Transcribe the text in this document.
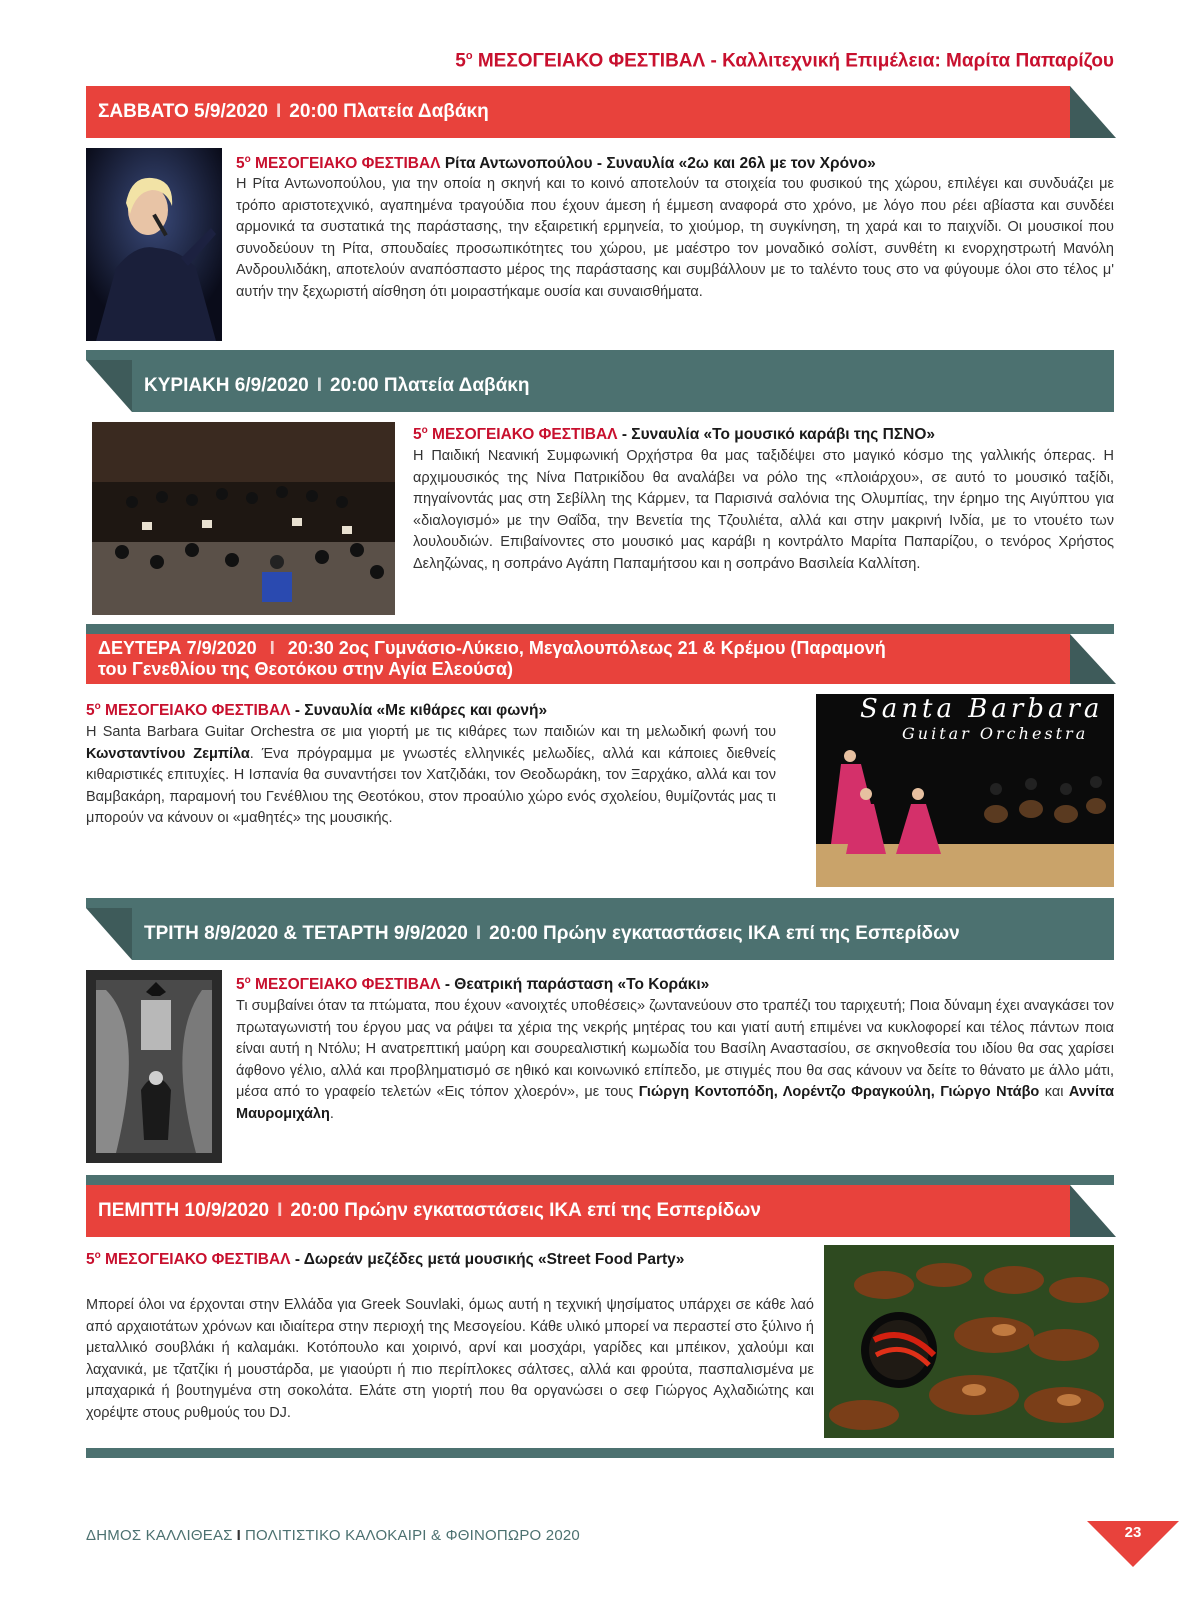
$5^o$ ΜΕΣΟΓΕΙΑΚΟ ΦΕΣΤΙΒΑΛ - Καλλιτεχνική Επιμέλεια: Μαρίτα Παπαρίζου
ΣΑΒΒΑΤΟ 5/9/2020 I 20:00 Πλατεία Δαβάκη
$5^o$ ΜΕΣΟΓΕΙΑΚΟ ΦΕΣΤΙΒΑΛ Ρίτα Αντωνοπούλου - Συναυλία «2ω και 26λ με τον Χρόνο»
Η Ρίτα Αντωνοπούλου, για την οποία η σκηνή και το κοινό αποτελούν τα στοιχεία του φυσικού της χώρου, επιλέγει και συνδυάζει με τρόπο αριστοτεχνικό, αγαπημένα τραγούδια που έχουν άμεση ή έμμεση αναφορά στο χρόνο, με λόγο που ρέει αβίαστα και συνδέει αρμονικά τα συστατικά της παράστασης, την εξαιρετική ερμηνεία, το χιούμορ, τη συγκίνηση, τη χαρά και το παιχνίδι. Οι μουσικοί που συνοδεύουν τη Ρίτα, σπουδαίες προσωπικότητες του χώρου, με μαέστρο τον μοναδικό σολίστ, συνθέτη κι ενορχηστρωτή Μανόλη Ανδρουλιδάκη, αποτελούν αναπόσπαστο μέρος της παράστασης και συμβάλλουν με το ταλέντο τους στο να φύγουμε όλοι στο τέλος μ' αυτήν την ξεχωριστή αίσθηση ότι μοιραστήκαμε ουσία και συναισθήματα.
ΚΥΡΙΑΚΗ 6/9/2020 I 20:00 Πλατεία Δαβάκη
$5^o$ ΜΕΣΟΓΕΙΑΚΟ ΦΕΣΤΙΒΑΛ - Συναυλία «Το μουσικό καράβι της ΠΣΝΟ»
Η Παιδική Νεανική Συμφωνική Ορχήστρα θα μας ταξιδέψει στο μαγικό κόσμο της γαλλικής όπερας. Η αρχιμουσικός της Νίνα Πατρικίδου θα αναλάβει να ρόλο της «πλοιάρχου», σε αυτό το μουσικό ταξίδι, πηγαίνοντάς μας στη Σεβίλλη της Κάρμεν, τα Παρισινά σαλόνια της Ολυμπίας, την έρημο της Αιγύπτου για «διαλογισμό» με την Θαΐδα, την Βενετία της Τζουλιέτα, αλλά και στην μακρινή Ινδία, με το ντουέτο των λουλουδιών. Επιβαίνοντες στο μουσικό μας καράβι η κοντράλτο Μαρίτα Παπαρίζου, ο τενόρος Χρήστος Δεληζώνας, η σοπράνο Αγάπη Παπαμήτσου και η σοπράνο Βασιλεία Καλλίτση.
ΔΕΥΤΕΡΑ 7/9/2020 I 20:30 2ος Γυμνάσιο-Λύκειο, Μεγαλουπόλεως 21 & Κρέμου (Παραμονή
του Γενεθλίου της Θεοτόκου στην Αγία Ελεούσα)
$5^o$ ΜΕΣΟΓΕΙΑΚΟ ΦΕΣΤΙΒΑΛ - Συναυλία «Με κιθάρες και φωνή»
Η Santa Barbara Guitar Orchestra σε μια γιορτή με τις κιθάρες των παιδιών και τη μελωδική φωνή του Κωνσταντίνου Ζεμπίλα. Ένα πρόγραμμα με γνωστές ελληνικές μελωδίες, αλλά και κάποιες διεθνείς κιθαριστικές επιτυχίες. Η Ισπανία θα συναντήσει τον Χατζιδάκι, τον Θεοδωράκη, τον Ξαρχάκο, αλλά και τον Βαμβακάρη, παραμονή του Γενέθλιου της Θεοτόκου, στον προαύλιο χώρο ενός σχολείου, θυμίζοντάς μας τι μπορούν να κάνουν οι «μαθητές» της μουσικής.
Santa Barbara
Guitar Orchestra
ΤΡΙΤΗ 8/9/2020 & ΤΕΤΑΡΤΗ 9/9/2020 I 20:00 Πρώην εγκαταστάσεις ΙΚΑ επί της Εσπερίδων
$5^o$ ΜΕΣΟΓΕΙΑΚΟ ΦΕΣΤΙΒΑΛ - Θεατρική παράσταση «Το Κοράκι»
Τι συμβαίνει όταν τα πτώματα, που έχουν «ανοιχτές υποθέσεις» ζωντανεύουν στο τραπέζι του ταριχευτή; Ποια δύναμη έχει αναγκάσει τον πρωταγωνιστή του έργου μας να ράψει τα χέρια της νεκρής μητέρας του και γιατί αυτή επιμένει να κυκλοφορεί και τέλος πάντων ποια είναι αυτή η Ντόλυ; Η ανατρεπτική μαύρη και σουρεαλιστική κωμωδία του Βασίλη Αναστασίου, σε σκηνοθεσία του ιδίου θα σας χαρίσει άφθονο γέλιο, αλλά και προβληματισμό σε ηθικό και κοινωνικό επίπεδο, με στιγμές που θα σας κάνουν να δείτε το θάνατο με άλλο μάτι, μέσα από το γραφείο τελετών «Εις τόπον χλοερόν», με τους Γιώργη Κοντοπόδη, Λορέντζο Φραγκούλη, Γιώργο Ντάβο και Αννίτα Μαυρομιχάλη.
ΠΕΜΠΤΗ 10/9/2020 I 20:00 Πρώην εγκαταστάσεις ΙΚΑ επί της Εσπερίδων
$5^o$ ΜΕΣΟΓΕΙΑΚΟ ΦΕΣΤΙΒΑΛ - Δωρεάν μεζέδες μετά μουσικής «Street Food Party»
Μπορεί όλοι να έρχονται στην Ελλάδα για Greek Souvlaki, όμως αυτή η τεχνική ψησίματος υπάρχει σε κάθε λαό από αρχαιοτάτων χρόνων και ιδιαίτερα στην περιοχή της Μεσογείου. Κάθε υλικό μπορεί να περαστεί στο ξύλινο ή μεταλλικό σουβλάκι ή καλαμάκι. Κοτόπουλο και χοιρινό, αρνί και μοσχάρι, γαρίδες και μπέικον, χαλούμι και λαχανικά, με τζατζίκι ή μουστάρδα, με γιαούρτι ή πιο περίπλοκες σάλτσες, αλλά και φρούτα, πασπαλισμένα με μπαχαρικά ή βουτηγμένα στη σοκολάτα. Ελάτε στη γιορτή που θα οργανώσει ο σεφ Γιώργος Αχλαδιώτης και χορέψτε στους ρυθμούς του DJ.
ΔΗΜΟΣ ΚΑΛΛΙΘΕΑΣ I ΠΟΛΙΤΙΣΤΙΚΟ ΚΑΛΟΚΑΙΡΙ & ΦΘΙΝΟΠΩΡΟ 2020	23
